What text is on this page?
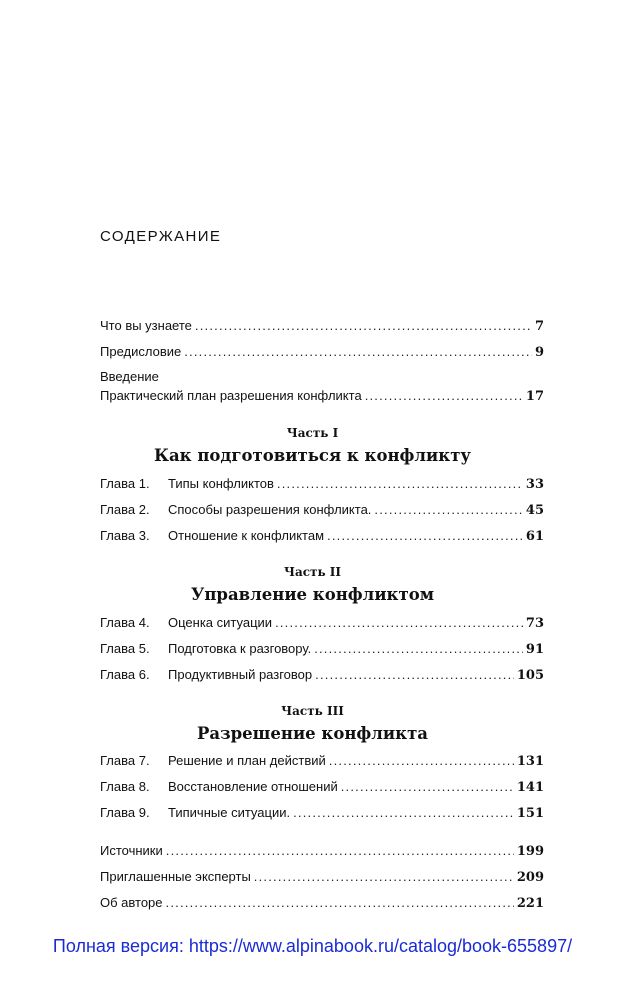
СОДЕРЖАНИЕ
Что вы узнаете .....	7
Предисловие .....	9
Введение
Практический план разрешения конфликта .....	17
Часть I
Как подготовиться к конфликту
Глава 1.	Типы конфликтов .....	33
Глава 2.	Способы разрешения конфликта. .....	45
Глава 3.	Отношение к конфликтам .....	61
Часть II
Управление конфликтом
Глава 4.	Оценка ситуации .....	73
Глава 5.	Подготовка к разговору. .....	91
Глава 6.	Продуктивный разговор .....	105
Часть III
Разрешение конфликта
Глава 7.	Решение и план действий .....	131
Глава 8.	Восстановление отношений .....	141
Глава 9.	Типичные ситуации. .....	151
Источники .....	199
Приглашенные эксперты .....	209
Об авторе .....	221
Полная версия: https://www.alpinabook.ru/catalog/book-655897/
